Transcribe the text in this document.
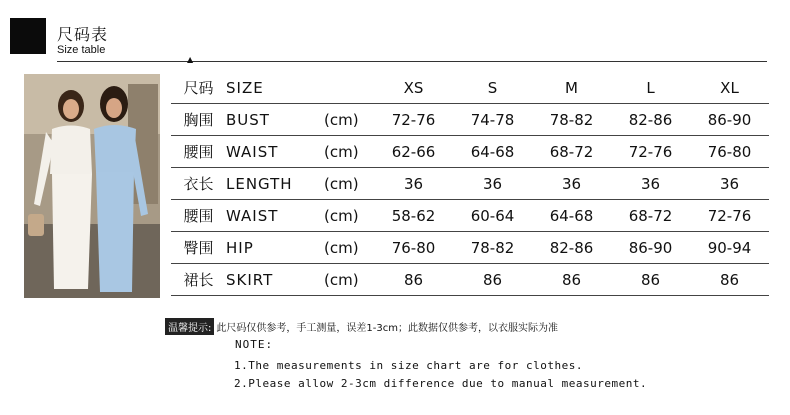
尺码表
Size table
▲
尺码	SIZE		XS	S	M	L	XL
胸围	BUST	(cm)	72-76	74-78	78-82	82-86	86-90
腰围	WAIST	(cm)	62-66	64-68	68-72	72-76	76-80
衣长	LENGTH	(cm)	36	36	36	36	36
腰围	WAIST	(cm)	58-62	60-64	64-68	68-72	72-76
臀围	HIP	(cm)	76-80	78-82	82-86	86-90	90-94
裙长	SKIRT	(cm)	86	86	86	86	86
温馨提示: 此尺码仅供参考，手工测量，误差1-3cm；此数据仅供参考，以衣服实际为准
NOTE:
1.The measurements in size chart are for clothes.
2.Please allow 2-3cm difference due to manual measurement.
